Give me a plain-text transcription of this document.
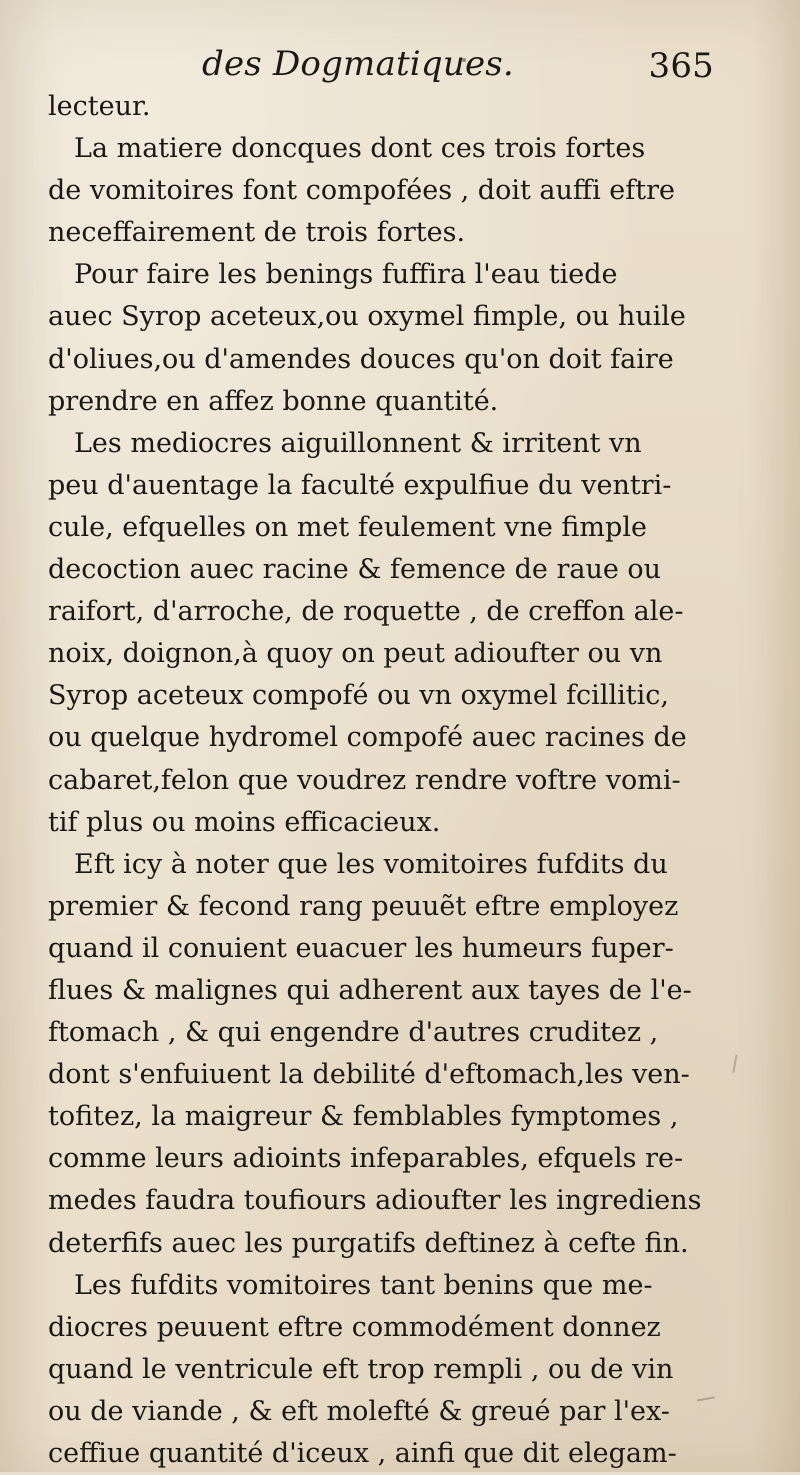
des Dogmatiques.	365
lecteur.
La matiere doncques dont ces trois fortes
de vomitoires font compofées , doit auffi eftre
neceffairement de trois fortes.
Pour faire les benings fuffira l'eau tiede
auec Syrop aceteux,ou oxymel fimple, ou huile
d'oliues,ou d'amendes douces qu'on doit faire
prendre en affez bonne quantité.
Les mediocres aiguillonnent & irritent vn
peu d'auentage la faculté expulfiue du ventri-
cule, efquelles on met feulement vne fimple
decoction auec racine & femence de raue ou
raifort, d'arroche, de roquette , de creffon ale-
noix, doignon,à quoy on peut adioufter ou vn
Syrop aceteux compofé ou vn oxymel fcillitic,
ou quelque hydromel compofé auec racines de
cabaret,felon que voudrez rendre voftre vomi-
tif plus ou moins efficacieux.
Eft icy à noter que les vomitoires fufdits du
premier & fecond rang peuuẽt eftre employez
quand il conuient euacuer les humeurs fuper-
flues & malignes qui adherent aux tayes de l'e-
ftomach , & qui engendre d'autres cruditez ,
dont s'enfuiuent la debilité d'eftomach,les ven-
tofitez, la maigreur & femblables fymptomes ,
comme leurs adioints infeparables, efquels re-
medes faudra toufiours adioufter les ingrediens
deterfifs auec les purgatifs deftinez à cefte fin.
Les fufdits vomitoires tant benins que me-
diocres peuuent eftre commodément donnez
quand le ventricule eft trop rempli , ou de vin
ou de viande , & eft molefté & greué par l'ex-
ceffiue quantité d'iceux , ainfi que dit elegam-
